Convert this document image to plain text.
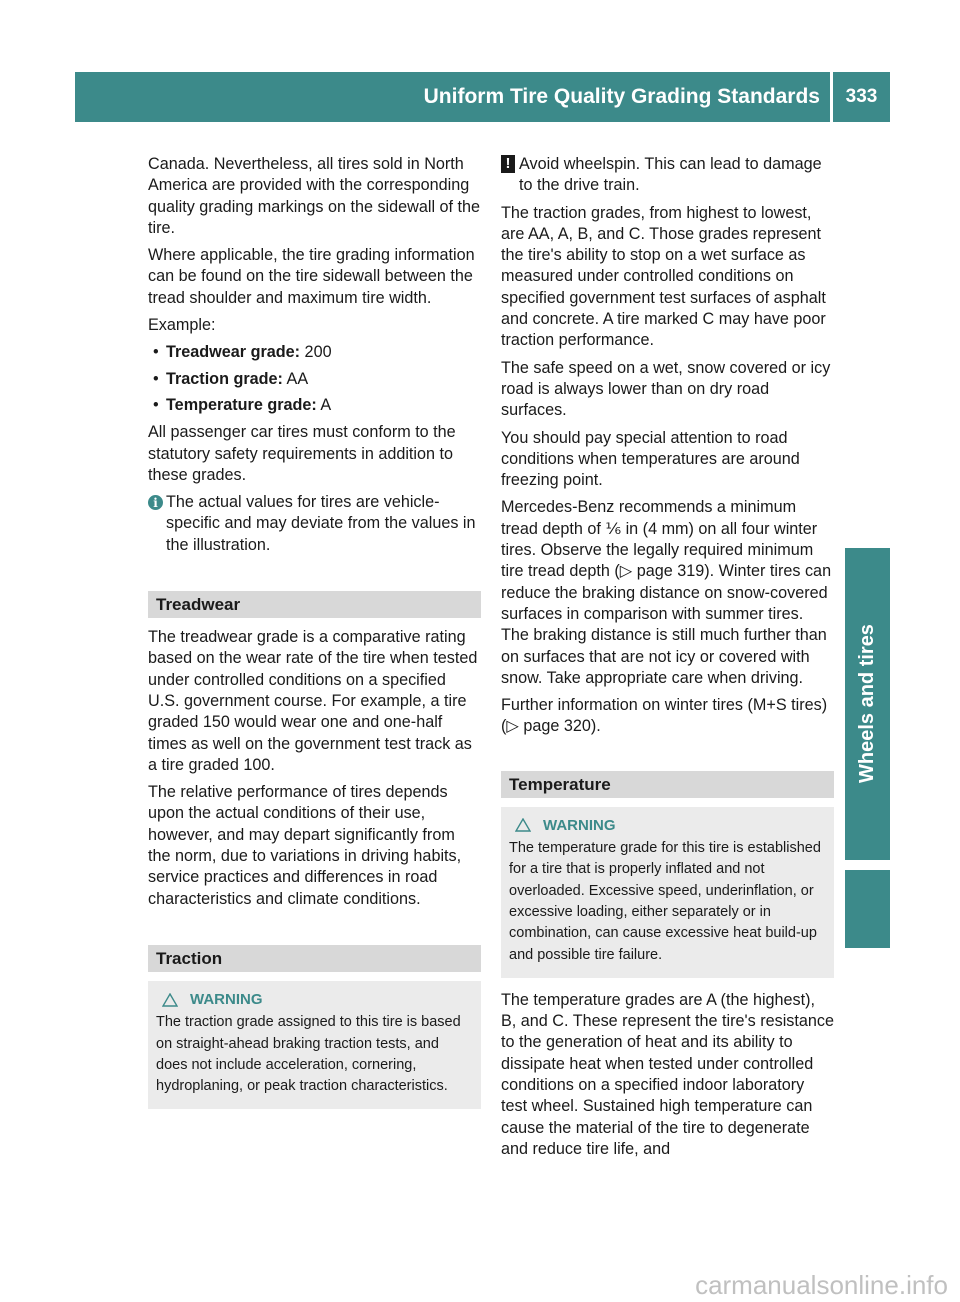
Uniform Tire Quality Grading Standards	333
Wheels and tires

Canada. Nevertheless, all tires sold in North America are provided with the corresponding quality grading markings on the sidewall of the tire.

Where applicable, the tire grading information can be found on the tire sidewall between the tread shoulder and maximum tire width.

Example:

• Treadwear grade: 200
• Traction grade: AA
• Temperature grade: A

All passenger car tires must conform to the statutory safety requirements in addition to these grades.

i The actual values for tires are vehicle-specific and may deviate from the values in the illustration.
Treadwear

The treadwear grade is a comparative rating based on the wear rate of the tire when tested under controlled conditions on a specified U.S. government course. For example, a tire graded 150 would wear one and one-half times as well on the government test track as a tire graded 100.

The relative performance of tires depends upon the actual conditions of their use, however, and may depart significantly from the norm, due to variations in driving habits, service practices and differences in road characteristics and climate conditions.

Traction
WARNING
The traction grade assigned to this tire is based on straight-ahead braking traction tests, and does not include acceleration, cornering, hydroplaning, or peak traction characteristics.
! Avoid wheelspin. This can lead to damage to the drive train.

The traction grades, from highest to lowest, are AA, A, B, and C. Those grades represent the tire's ability to stop on a wet surface as measured under controlled conditions on specified government test surfaces of asphalt and concrete. A tire marked C may have poor traction performance.

The safe speed on a wet, snow covered or icy road is always lower than on dry road surfaces.

You should pay special attention to road conditions when temperatures are around freezing point.

Mercedes-Benz recommends a minimum tread depth of ⅙ in (4 mm) on all four winter tires. Observe the legally required minimum tire tread depth (▷ page 319). Winter tires can reduce the braking distance on snow-covered surfaces in comparison with summer tires. The braking distance is still much further than on surfaces that are not icy or covered with snow. Take appropriate care when driving.

Further information on winter tires (M+S tires) (▷ page 320).

Temperature
WARNING
The temperature grade for this tire is established for a tire that is properly inflated and not overloaded. Excessive speed, underinflation, or excessive loading, either separately or in combination, can cause excessive heat build-up and possible tire failure.

The temperature grades are A (the highest), B, and C. These represent the tire's resistance to the generation of heat and its ability to dissipate heat when tested under controlled conditions on a specified indoor laboratory test wheel. Sustained high temperature can cause the material of the tire to degenerate and reduce tire life, and

carmanualsonline.info
